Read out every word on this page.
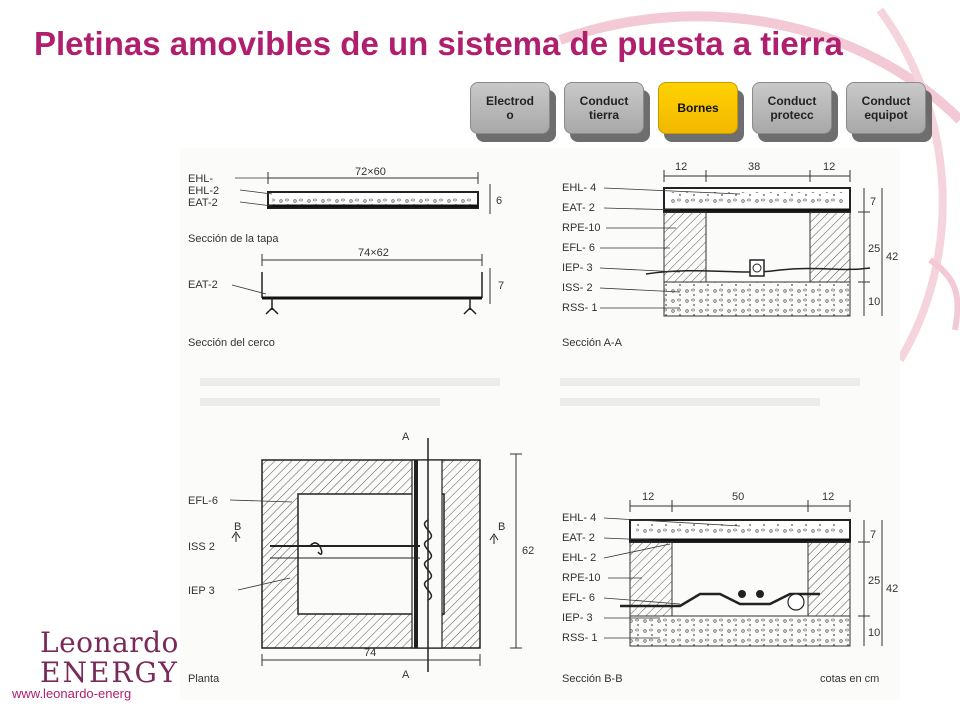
Pletinas amovibles de un sistema de puesta a tierra
Electrod
o
Conduct
tierra	Bornes	Conduct
protecc
Conduct
equipot
72×60
EHL-
EHL-2
EAT-2	6
Sección de la tapa
74×62
EAT-2	7
Sección del cerco
12	38	12
EHL- 4
EAT- 2
RPE-10
EFL- 6
IEP- 3
ISS- 2
RSS- 1
7
25
10
42
Sección A-A
A
B	B
A
EFL-6
ISS 2
IEP 3
74
62
Planta
12	50	12
EHL- 4
EAT- 2
EHL- 2
RPE-10
EFL- 6
IEP- 3
RSS- 1
7
25
10
42
Sección B-B	cotas en cm
Leonardo
ENERGY
www.leonardo-energ
